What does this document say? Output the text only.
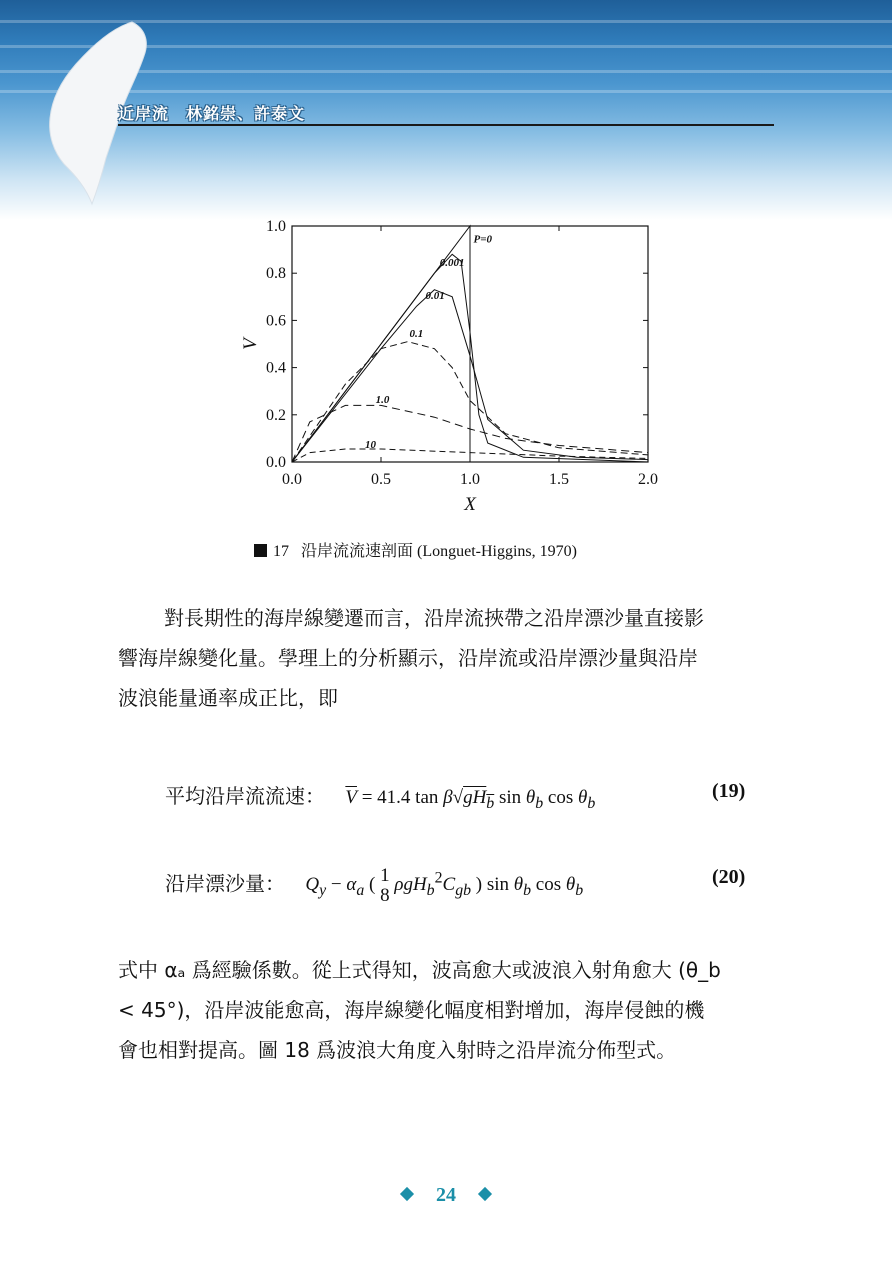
近岸流　林銘崇、許泰文
0.0	0.5	1.0	1.5	2.0
0.0
0.2
0.4
0.6
0.8
1.0
X
V
P=0
0.001
0.01
0.1
1.0
10
17 沿岸流流速剖面 (Longuet-Higgins, 1970)
對長期性的海岸線變遷而言，沿岸流挾帶之沿岸漂沙量直接影
響海岸線變化量。學理上的分析顯示，沿岸流或沿岸漂沙量與沿岸
波浪能量通率成正比，即
平均沿岸流流速： $\overline{V} = 41.4$ $\tan \beta√gH_b$ $\sin \theta_b$ $\cos \theta_b$
(19)
沿岸漂沙量： $Q_y - \alpha_a$ ( 1
8 $\rho gH_b^2C_{gb}$ ) $\sin \theta_b$ $\cos \theta_b$
(20)
式中 αₐ 爲經驗係數。從上式得知，波高愈大或波浪入射角愈大 (θ_b
< 45°)，沿岸波能愈高，海岸線變化幅度相對增加，海岸侵蝕的機
會也相對提高。圖 18 爲波浪大角度入射時之沿岸流分佈型式。
24
